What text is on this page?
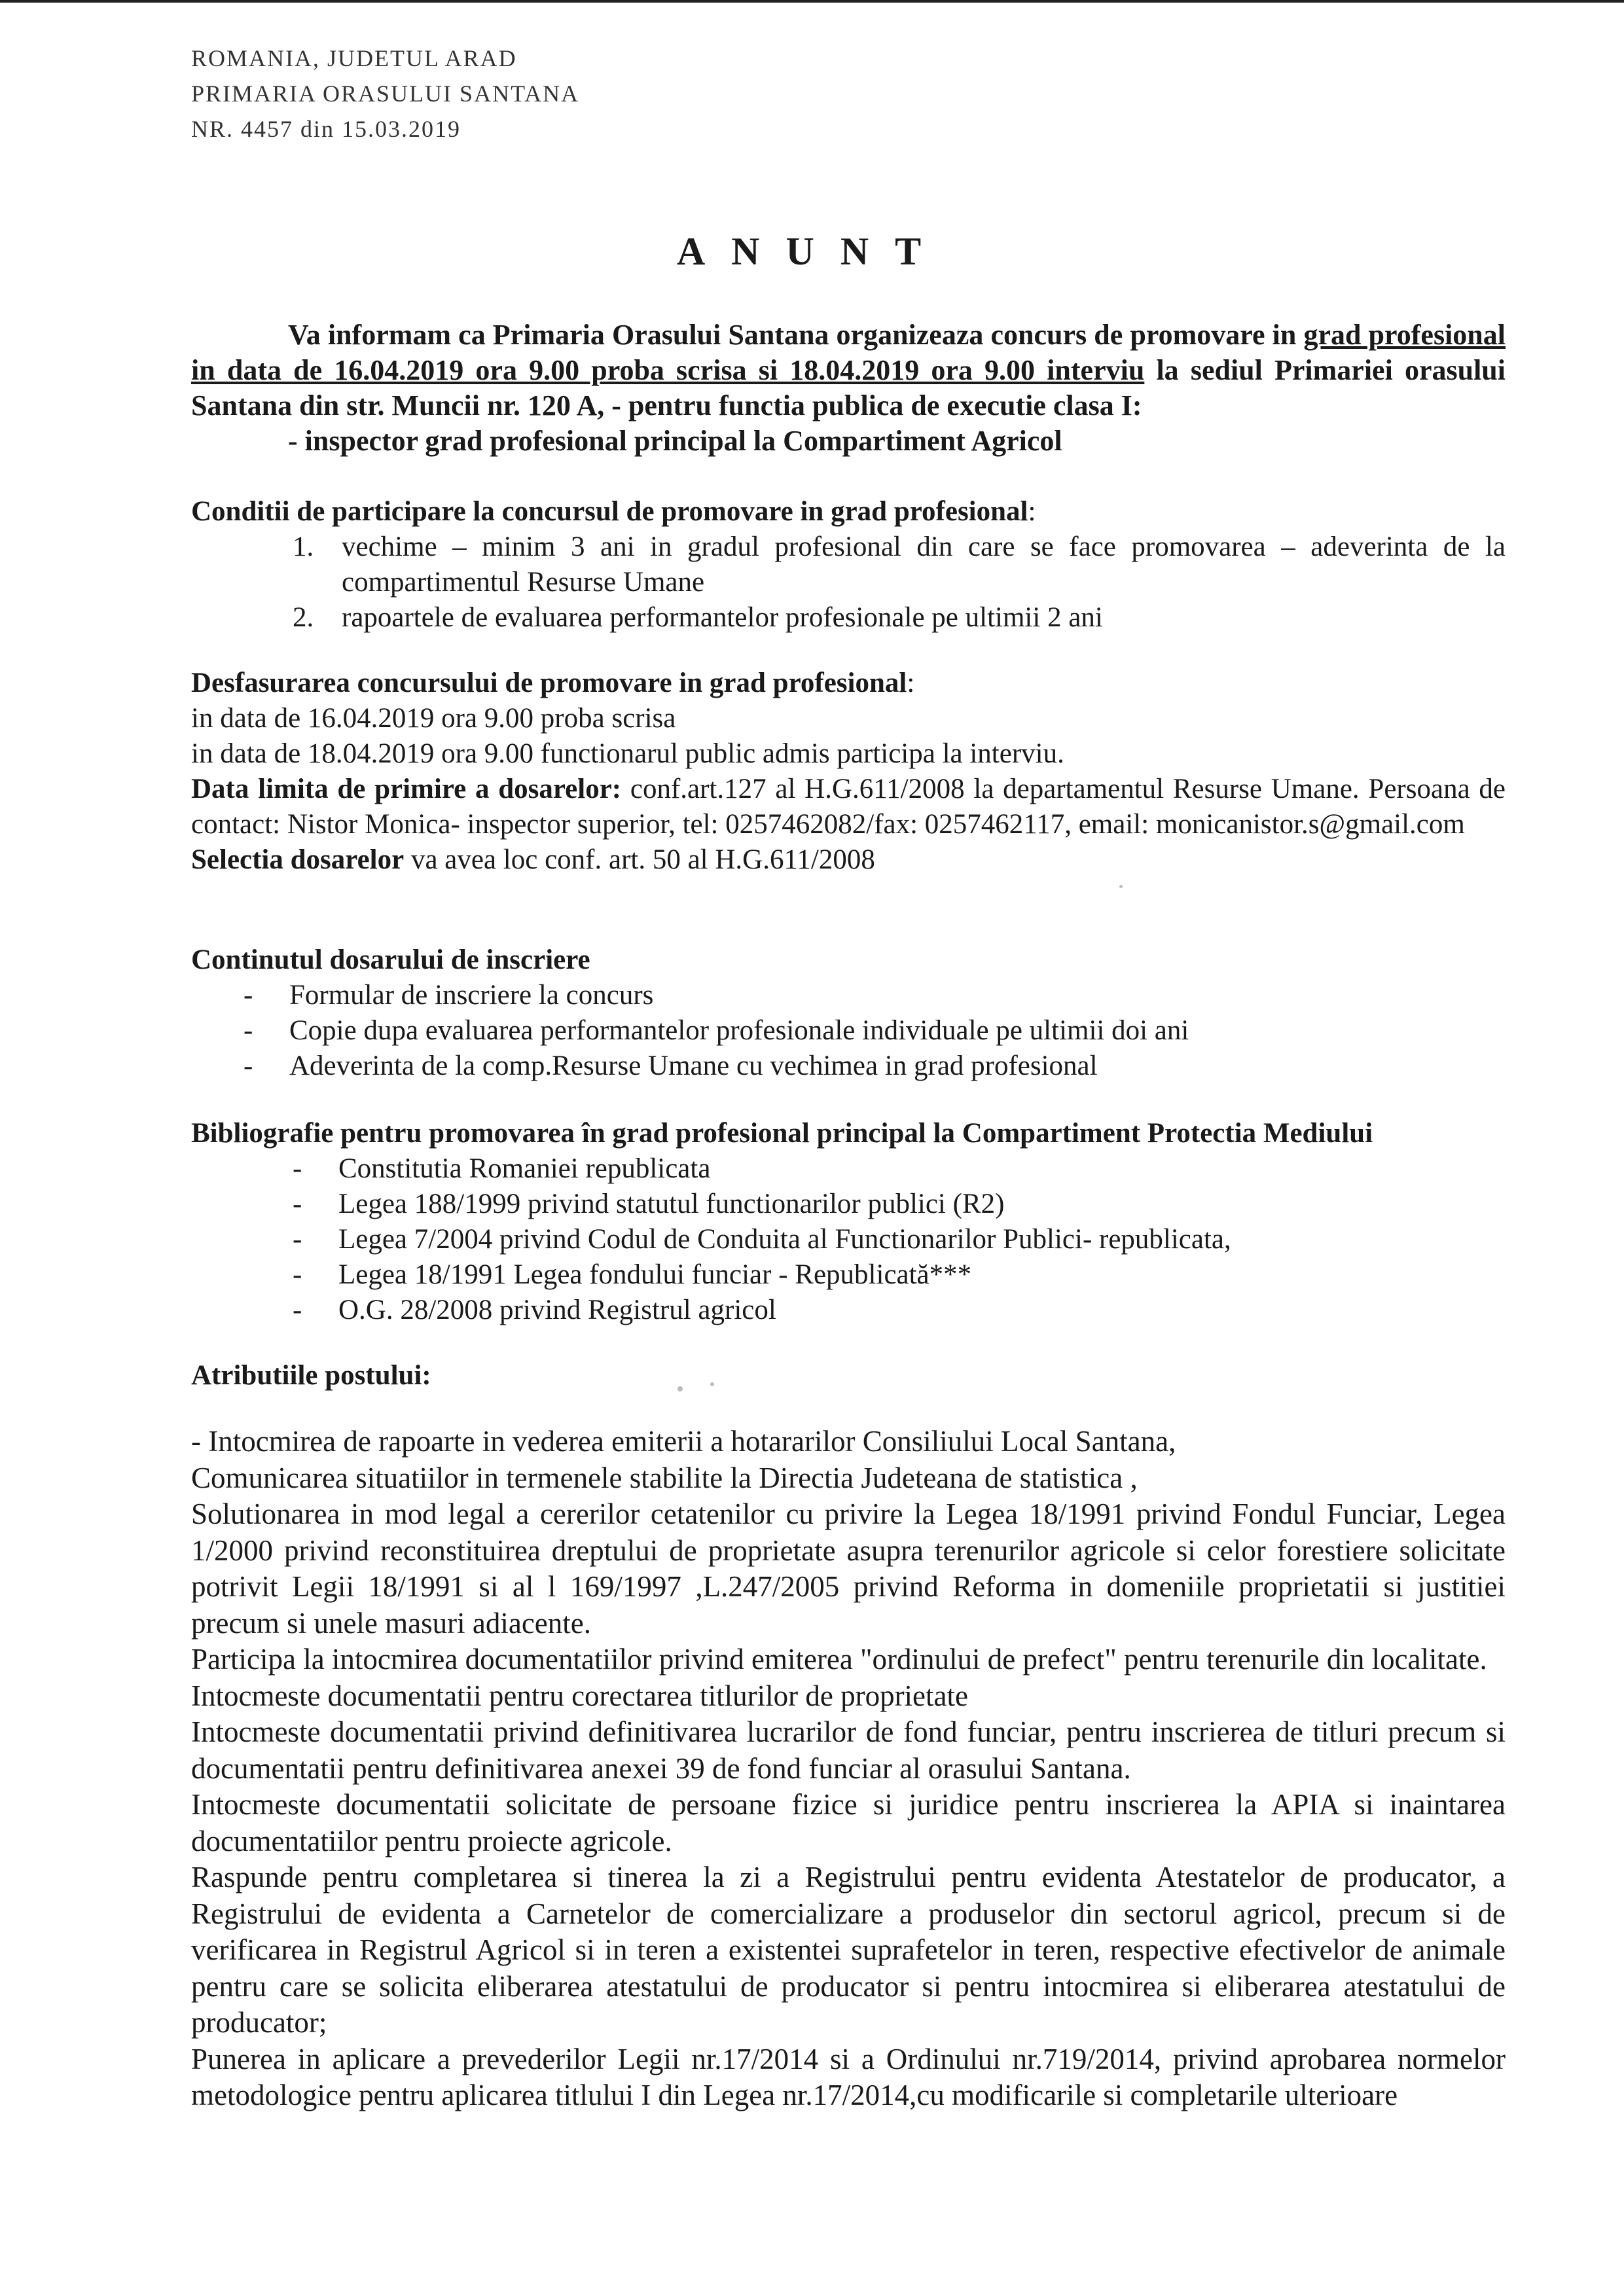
ROMANIA, JUDETUL ARAD
PRIMARIA ORASULUI SANTANA
NR. 4457 din 15.03.2019
ANUNT
Va informam ca Primaria Orasului Santana organizeaza concurs de promovare in grad profesional in data de 16.04.2019 ora 9.00 proba scrisa si 18.04.2019 ora 9.00 interviu la sediul Primariei orasului Santana din str. Muncii nr. 120 A, - pentru functia publica de executie clasa I:
- inspector grad profesional principal la Compartiment Agricol
Conditii de participare la concursul de promovare in grad profesional:
1. vechime – minim 3 ani in gradul profesional din care se face promovarea – adeverinta de la compartimentul Resurse Umane
2. rapoartele de evaluarea performantelor profesionale pe ultimii 2 ani
Desfasurarea concursului de promovare in grad profesional:
in data de 16.04.2019 ora 9.00 proba scrisa
in data de 18.04.2019 ora 9.00 functionarul public admis participa la interviu.
Data limita de primire a dosarelor: conf.art.127 al H.G.611/2008 la departamentul Resurse Umane. Persoana de contact: Nistor Monica- inspector superior, tel: 0257462082/fax: 0257462117, email: monicanistor.s@gmail.com
Selectia dosarelor va avea loc conf. art. 50 al H.G.611/2008
Continutul dosarului de inscriere
- Formular de inscriere la concurs
- Copie dupa evaluarea performantelor profesionale individuale pe ultimii doi ani
- Adeverinta de la comp.Resurse Umane cu vechimea in grad profesional
Bibliografie pentru promovarea în grad profesional principal la Compartiment Protectia Mediului
- Constitutia Romaniei republicata
- Legea 188/1999 privind statutul functionarilor publici (R2)
- Legea 7/2004 privind Codul de Conduita al Functionarilor Publici- republicata,
- Legea 18/1991 Legea fondului funciar - Republicată***
- O.G. 28/2008 privind Registrul agricol
Atributiile postului:

- Intocmirea de rapoarte in vederea emiterii a hotararilor Consiliului Local Santana,

Comunicarea situatiilor in termenele stabilite la Directia Judeteana de statistica ,

Solutionarea in mod legal a cererilor cetatenilor cu privire la Legea 18/1991 privind Fondul Funciar, Legea 1/2000 privind reconstituirea dreptului de proprietate asupra terenurilor agricole si celor forestiere solicitate potrivit Legii 18/1991 si al l 169/1997 ,L.247/2005 privind Reforma in domeniile proprietatii si justitiei precum si unele masuri adiacente.

Participa la intocmirea documentatiilor privind emiterea "ordinului de prefect" pentru terenurile din localitate.

Intocmeste documentatii pentru corectarea titlurilor de proprietate

Intocmeste documentatii privind definitivarea lucrarilor de fond funciar, pentru inscrierea de titluri precum si documentatii pentru definitivarea anexei 39 de fond funciar al orasului Santana.

Intocmeste documentatii solicitate de persoane fizice si juridice pentru inscrierea la APIA si inaintarea documentatiilor pentru proiecte agricole.

Raspunde pentru completarea si tinerea la zi a Registrului pentru evidenta Atestatelor de producator, a Registrului de evidenta a Carnetelor de comercializare a produselor din sectorul agricol, precum si de verificarea in Registrul Agricol si in teren a existentei suprafetelor in teren, respective efectivelor de animale pentru care se solicita eliberarea atestatului de producator si pentru intocmirea si eliberarea atestatului de producator;

Punerea in aplicare a prevederilor Legii nr.17/2014 si a Ordinului nr.719/2014, privind aprobarea normelor metodologice pentru aplicarea titlului I din Legea nr.17/2014,cu modificarile si completarile ulterioare
